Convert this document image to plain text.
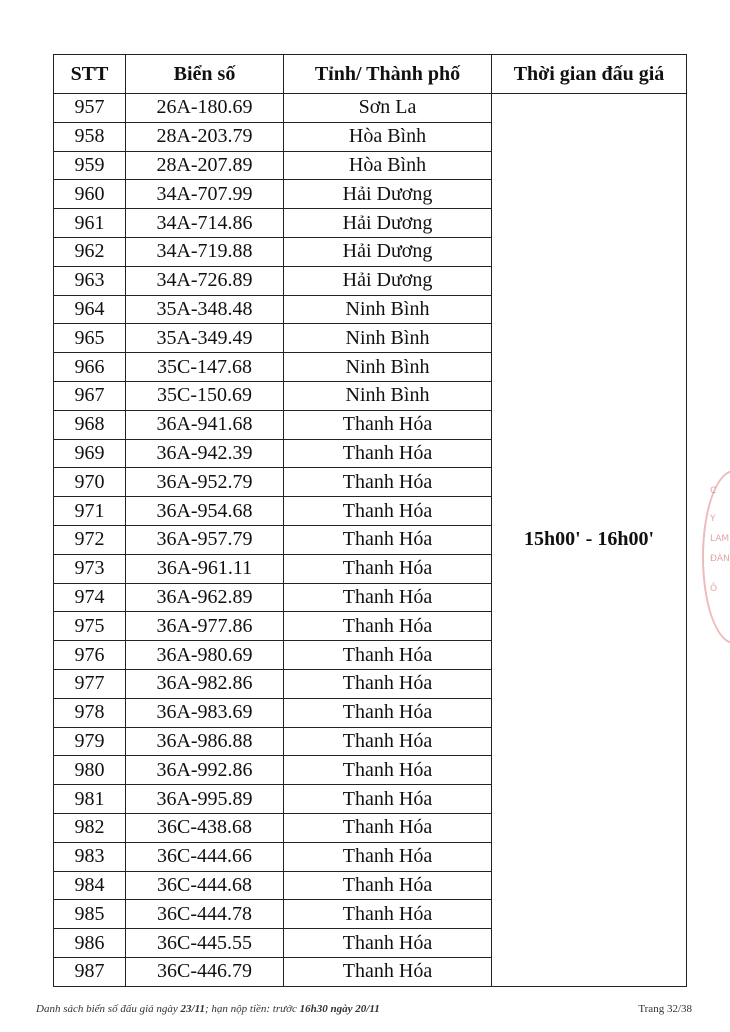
STT	Biển số	Tỉnh/ Thành phố	Thời gian đấu giá
957	26A-180.69	Sơn La	15h00' - 16h00'
958	28A-203.79	Hòa Bình	
959	28A-207.89	Hòa Bình	
960	34A-707.99	Hải Dương	
961	34A-714.86	Hải Dương	
962	34A-719.88	Hải Dương	
963	34A-726.89	Hải Dương	
964	35A-348.48	Ninh Bình	
965	35A-349.49	Ninh Bình	
966	35C-147.68	Ninh Bình	
967	35C-150.69	Ninh Bình	
968	36A-941.68	Thanh Hóa	
969	36A-942.39	Thanh Hóa	
970	36A-952.79	Thanh Hóa	
971	36A-954.68	Thanh Hóa	
972	36A-957.79	Thanh Hóa	
973	36A-961.11	Thanh Hóa	
974	36A-962.89	Thanh Hóa	
975	36A-977.86	Thanh Hóa	
976	36A-980.69	Thanh Hóa	
977	36A-982.86	Thanh Hóa	
978	36A-983.69	Thanh Hóa	
979	36A-986.88	Thanh Hóa	
980	36A-992.86	Thanh Hóa	
981	36A-995.89	Thanh Hóa	
982	36C-438.68	Thanh Hóa	
983	36C-444.66	Thanh Hóa	
984	36C-444.68	Thanh Hóa	
985	36C-444.78	Thanh Hóa	
986	36C-445.55	Thanh Hóa	
987	36C-446.79	Thanh Hóa	
Danh sách biển số đấu giá ngày 23/11; hạn nộp tiền: trước 16h30 ngày 20/11	Trang 32/38
C
Y
LAM
ĐÀN
Ô
